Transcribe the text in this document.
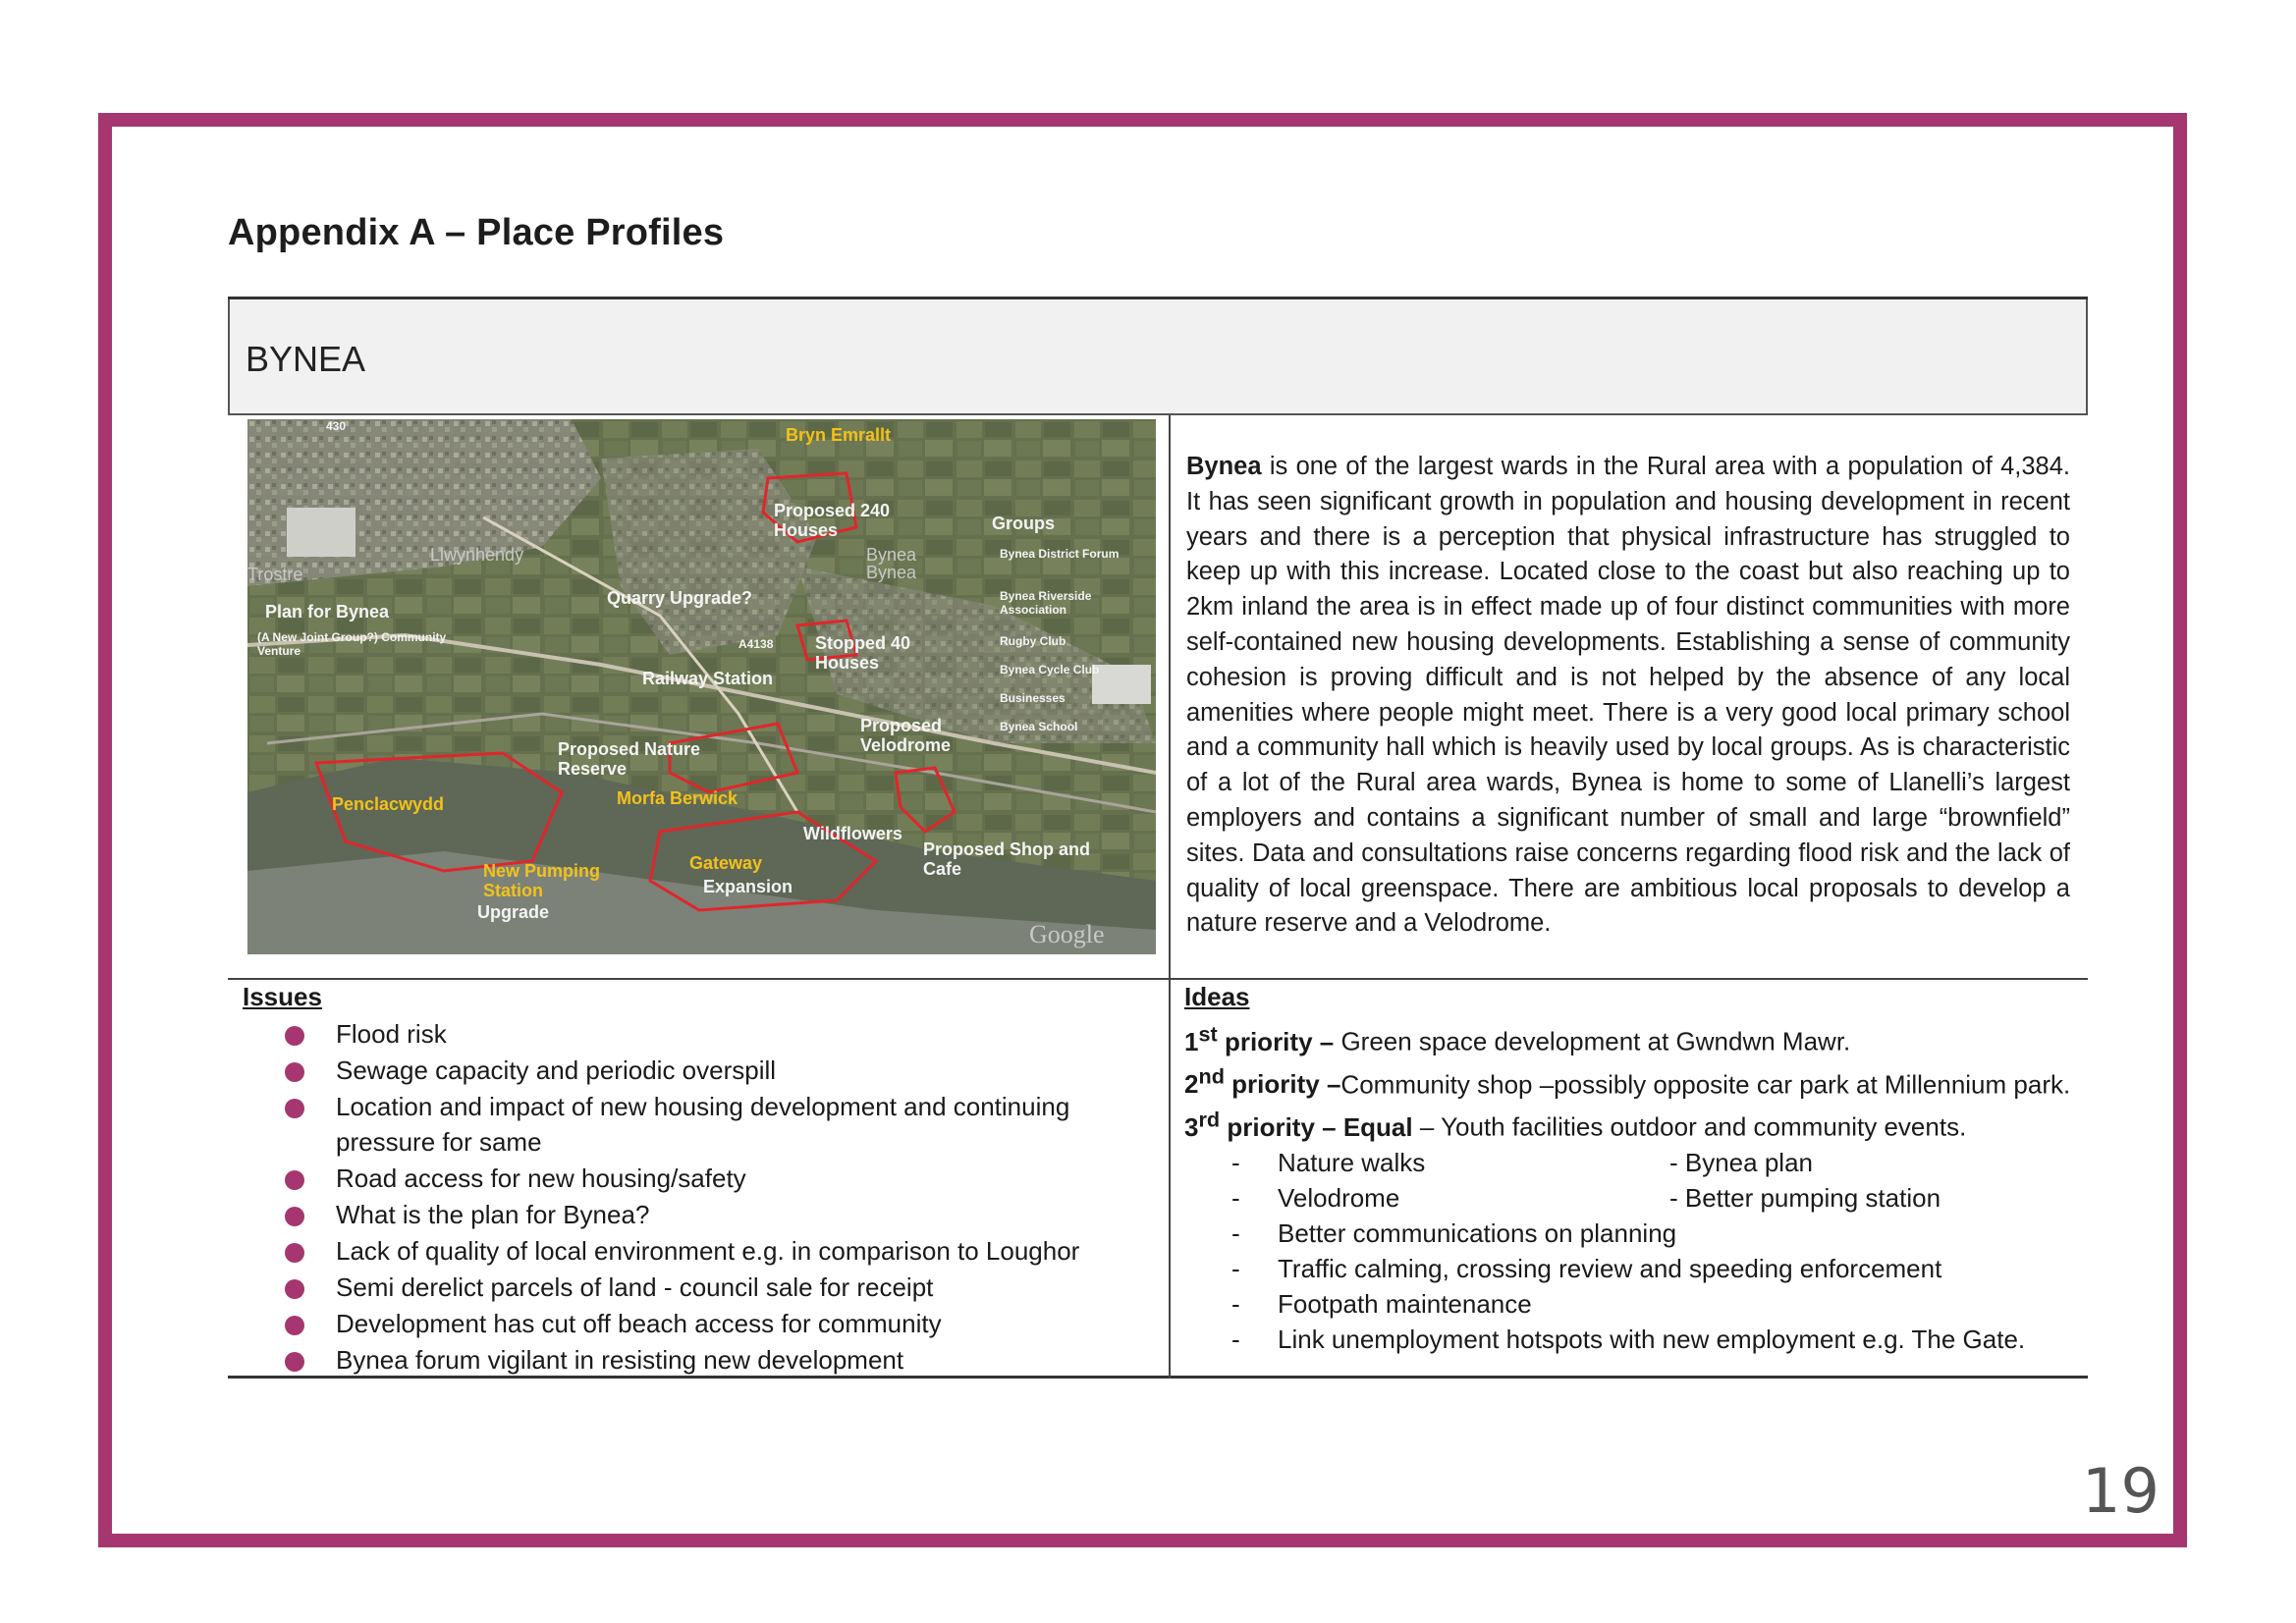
Appendix A – Place Profiles
BYNEA
Bryn Emrallt
Proposed 240 Houses	Groups
Bynea District Forum
Bynea Riverside Association
Rugby Club
Bynea Cycle Club
Businesses
Bynea School
Llwynhendy	Bynea
Bynea
Trostre
Plan for Bynea
(A New Joint Group?) Community Venture
Quarry Upgrade?
Stopped 40 Houses
Railway Station
Proposed Velodrome
Proposed Nature Reserve
Penclacwydd	Morfa Berwick
Wildflowers
Proposed Shop and Cafe
Gateway
Expansion
New Pumping Station
Upgrade
Google
A4138
430
Bynea is one of the largest wards in the Rural area with a population of 4,384. It has seen significant growth in population and housing development in recent years and there is a perception that physical infrastructure has struggled to keep up with this increase. Located close to the coast but also reaching up to 2km inland the area is in effect made up of four distinct communities with more self-contained new housing developments. Establishing a sense of community cohesion is proving difficult and is not helped by the absence of any local amenities where people might meet. There is a very good local primary school and a community hall which is heavily used by local groups. As is characteristic of a lot of the Rural area wards, Bynea is home to some of Llanelli’s largest employers and contains a significant number of small and large “brownfield” sites. Data and consultations raise concerns regarding flood risk and the lack of quality of local greenspace. There are ambitious local proposals to develop a nature reserve and a Velodrome.
Issues
Flood risk
Sewage capacity and periodic overspill
Location and impact of new housing development and continuing pressure for same
Road access for new housing/safety
What is the plan for Bynea?
Lack of quality of local environment e.g. in comparison to Loughor
Semi derelict parcels of land - council sale for receipt
Development has cut off beach access for community
Bynea forum vigilant in resisting new development
Ideas
1st priority – Green space development at Gwndwn Mawr.
2nd priority –Community shop –possibly opposite car park at Millennium park.
3rd priority – Equal – Youth facilities outdoor and community events.
- Nature walks	- Bynea plan
- Velodrome	- Better pumping station
- Better communications on planning
- Traffic calming, crossing review and speeding enforcement
- Footpath maintenance
- Link unemployment hotspots with new employment e.g. The Gate.
19
